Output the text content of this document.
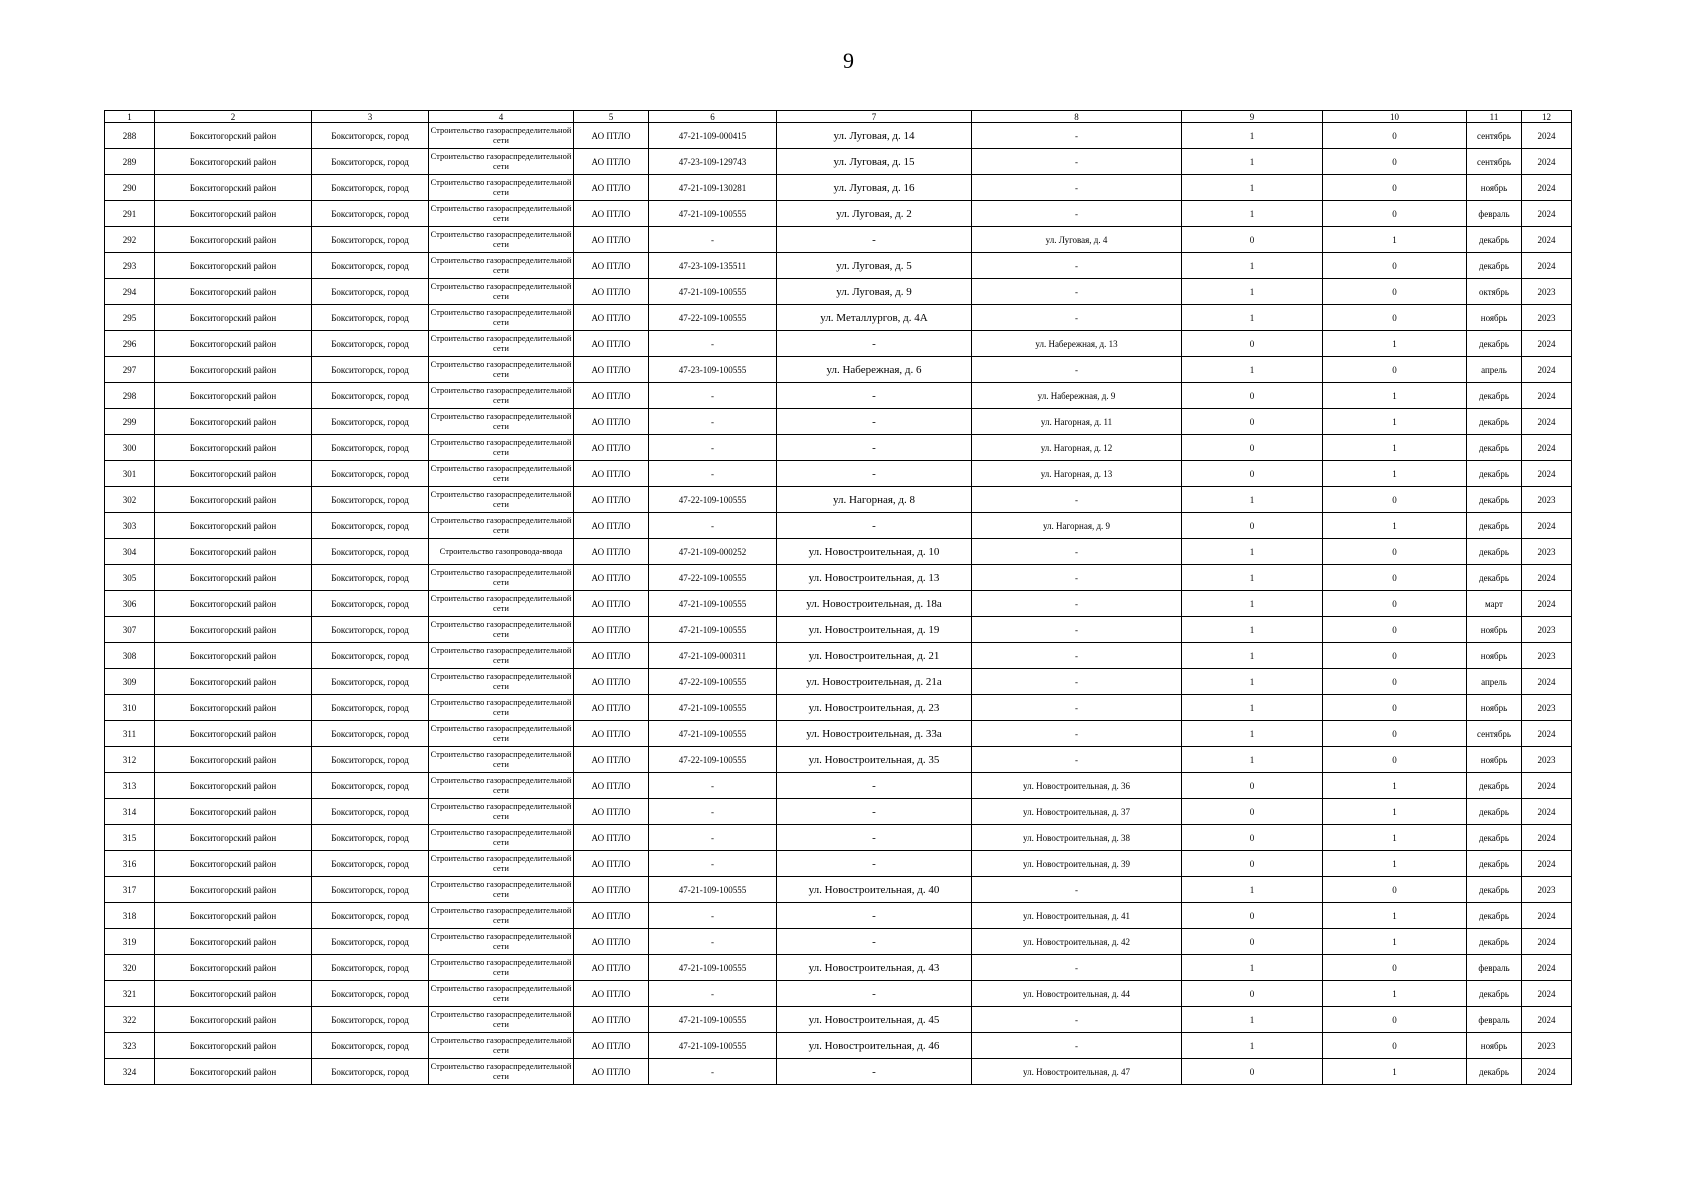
9
1	2	3	4	5	6	7	8	9	10	11	12
288	Бокситогорский район	Бокситогорск, город	Строительство газораспределительной сети	АО ПТЛО	47-21-109-000415	ул. Луговая, д. 14	-	1	0	сентябрь	2024
289	Бокситогорский район	Бокситогорск, город	Строительство газораспределительной сети	АО ПТЛО	47-23-109-129743	ул. Луговая, д. 15	-	1	0	сентябрь	2024
290	Бокситогорский район	Бокситогорск, город	Строительство газораспределительной сети	АО ПТЛО	47-21-109-130281	ул. Луговая, д. 16	-	1	0	ноябрь	2024
291	Бокситогорский район	Бокситогорск, город	Строительство газораспределительной сети	АО ПТЛО	47-21-109-100555	ул. Луговая, д. 2	-	1	0	февраль	2024
292	Бокситогорский район	Бокситогорск, город	Строительство газораспределительной сети	АО ПТЛО	-	-	ул. Луговая, д. 4	0	1	декабрь	2024
293	Бокситогорский район	Бокситогорск, город	Строительство газораспределительной сети	АО ПТЛО	47-23-109-135511	ул. Луговая, д. 5	-	1	0	декабрь	2024
294	Бокситогорский район	Бокситогорск, город	Строительство газораспределительной сети	АО ПТЛО	47-21-109-100555	ул. Луговая, д. 9	-	1	0	октябрь	2023
295	Бокситогорский район	Бокситогорск, город	Строительство газораспределительной сети	АО ПТЛО	47-22-109-100555	ул. Металлургов, д. 4А	-	1	0	ноябрь	2023
296	Бокситогорский район	Бокситогорск, город	Строительство газораспределительной сети	АО ПТЛО	-	-	ул. Набережная, д. 13	0	1	декабрь	2024
297	Бокситогорский район	Бокситогорск, город	Строительство газораспределительной сети	АО ПТЛО	47-23-109-100555	ул. Набережная, д. 6	-	1	0	апрель	2024
298	Бокситогорский район	Бокситогорск, город	Строительство газораспределительной сети	АО ПТЛО	-	-	ул. Набережная, д. 9	0	1	декабрь	2024
299	Бокситогорский район	Бокситогорск, город	Строительство газораспределительной сети	АО ПТЛО	-	-	ул. Нагорная, д. 11	0	1	декабрь	2024
300	Бокситогорский район	Бокситогорск, город	Строительство газораспределительной сети	АО ПТЛО	-	-	ул. Нагорная, д. 12	0	1	декабрь	2024
301	Бокситогорский район	Бокситогорск, город	Строительство газораспределительной сети	АО ПТЛО	-	-	ул. Нагорная, д. 13	0	1	декабрь	2024
302	Бокситогорский район	Бокситогорск, город	Строительство газораспределительной сети	АО ПТЛО	47-22-109-100555	ул. Нагорная, д. 8	-	1	0	декабрь	2023
303	Бокситогорский район	Бокситогорск, город	Строительство газораспределительной сети	АО ПТЛО	-	-	ул. Нагорная, д. 9	0	1	декабрь	2024
304	Бокситогорский район	Бокситогорск, город	Строительство газопровода-ввода	АО ПТЛО	47-21-109-000252	ул. Новостроительная, д. 10	-	1	0	декабрь	2023
305	Бокситогорский район	Бокситогорск, город	Строительство газораспределительной сети	АО ПТЛО	47-22-109-100555	ул. Новостроительная, д. 13	-	1	0	декабрь	2024
306	Бокситогорский район	Бокситогорск, город	Строительство газораспределительной сети	АО ПТЛО	47-21-109-100555	ул. Новостроительная, д. 18а	-	1	0	март	2024
307	Бокситогорский район	Бокситогорск, город	Строительство газораспределительной сети	АО ПТЛО	47-21-109-100555	ул. Новостроительная, д. 19	-	1	0	ноябрь	2023
308	Бокситогорский район	Бокситогорск, город	Строительство газораспределительной сети	АО ПТЛО	47-21-109-000311	ул. Новостроительная, д. 21	-	1	0	ноябрь	2023
309	Бокситогорский район	Бокситогорск, город	Строительство газораспределительной сети	АО ПТЛО	47-22-109-100555	ул. Новостроительная, д. 21а	-	1	0	апрель	2024
310	Бокситогорский район	Бокситогорск, город	Строительство газораспределительной сети	АО ПТЛО	47-21-109-100555	ул. Новостроительная, д. 23	-	1	0	ноябрь	2023
311	Бокситогорский район	Бокситогорск, город	Строительство газораспределительной сети	АО ПТЛО	47-21-109-100555	ул. Новостроительная, д. 33а	-	1	0	сентябрь	2024
312	Бокситогорский район	Бокситогорск, город	Строительство газораспределительной сети	АО ПТЛО	47-22-109-100555	ул. Новостроительная, д. 35	-	1	0	ноябрь	2023
313	Бокситогорский район	Бокситогорск, город	Строительство газораспределительной сети	АО ПТЛО	-	-	ул. Новостроительная, д. 36	0	1	декабрь	2024
314	Бокситогорский район	Бокситогорск, город	Строительство газораспределительной сети	АО ПТЛО	-	-	ул. Новостроительная, д. 37	0	1	декабрь	2024
315	Бокситогорский район	Бокситогорск, город	Строительство газораспределительной сети	АО ПТЛО	-	-	ул. Новостроительная, д. 38	0	1	декабрь	2024
316	Бокситогорский район	Бокситогорск, город	Строительство газораспределительной сети	АО ПТЛО	-	-	ул. Новостроительная, д. 39	0	1	декабрь	2024
317	Бокситогорский район	Бокситогорск, город	Строительство газораспределительной сети	АО ПТЛО	47-21-109-100555	ул. Новостроительная, д. 40	-	1	0	декабрь	2023
318	Бокситогорский район	Бокситогорск, город	Строительство газораспределительной сети	АО ПТЛО	-	-	ул. Новостроительная, д. 41	0	1	декабрь	2024
319	Бокситогорский район	Бокситогорск, город	Строительство газораспределительной сети	АО ПТЛО	-	-	ул. Новостроительная, д. 42	0	1	декабрь	2024
320	Бокситогорский район	Бокситогорск, город	Строительство газораспределительной сети	АО ПТЛО	47-21-109-100555	ул. Новостроительная, д. 43	-	1	0	февраль	2024
321	Бокситогорский район	Бокситогорск, город	Строительство газораспределительной сети	АО ПТЛО	-	-	ул. Новостроительная, д. 44	0	1	декабрь	2024
322	Бокситогорский район	Бокситогорск, город	Строительство газораспределительной сети	АО ПТЛО	47-21-109-100555	ул. Новостроительная, д. 45	-	1	0	февраль	2024
323	Бокситогорский район	Бокситогорск, город	Строительство газораспределительной сети	АО ПТЛО	47-21-109-100555	ул. Новостроительная, д. 46	-	1	0	ноябрь	2023
324	Бокситогорский район	Бокситогорск, город	Строительство газораспределительной сети	АО ПТЛО	-	-	ул. Новостроительная, д. 47	0	1	декабрь	2024
